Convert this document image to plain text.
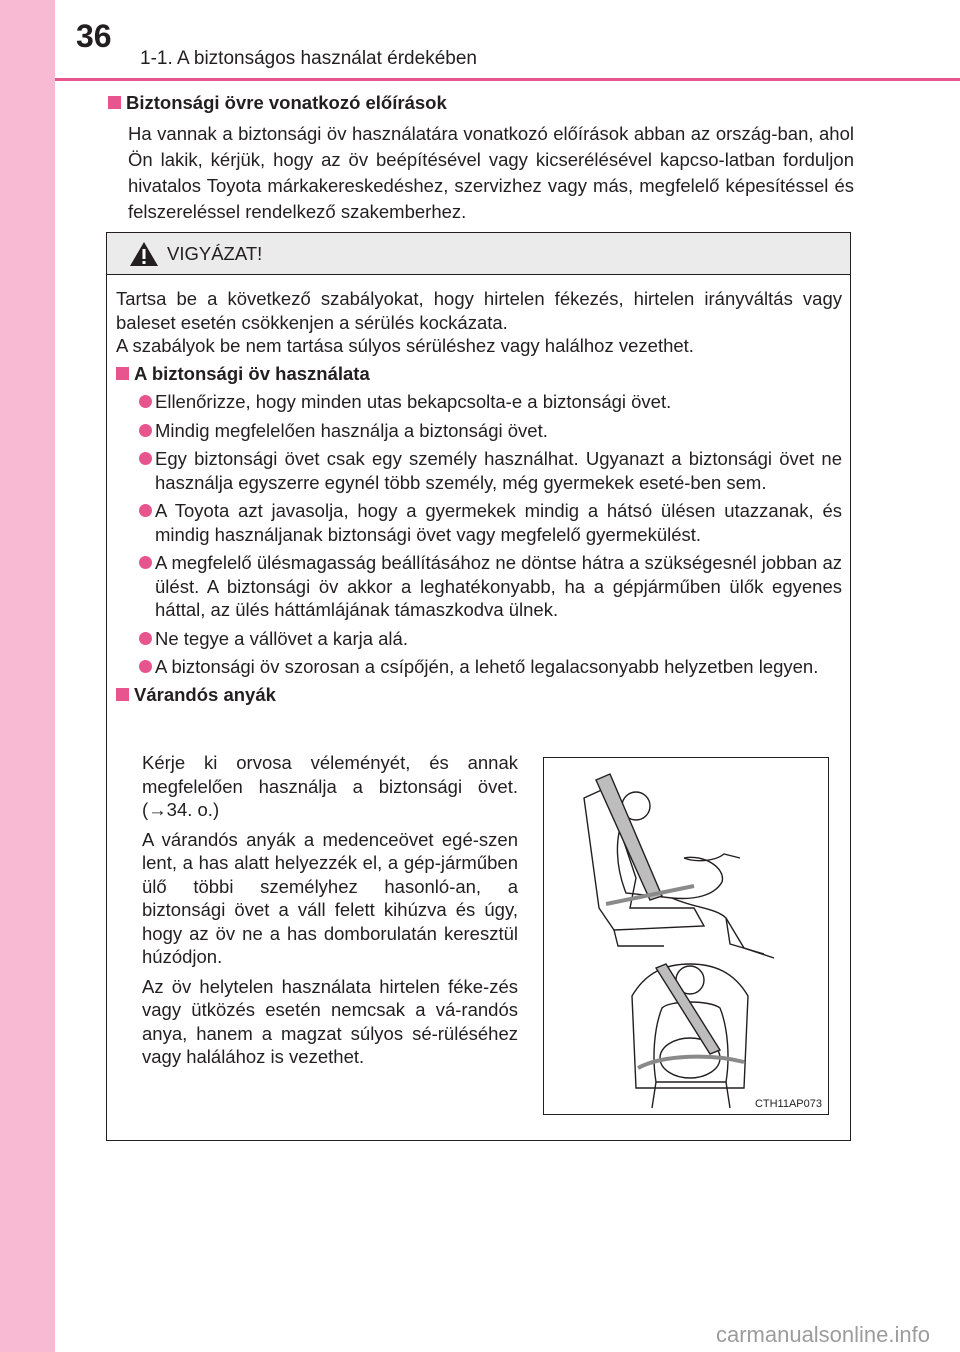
36
1-1. A biztonságos használat érdekében
Biztonsági övre vonatkozó előírások
Ha vannak a biztonsági öv használatára vonatkozó előírások abban az ország-ban, ahol Ön lakik, kérjük, hogy az öv beépítésével vagy kicserélésével kapcso-latban forduljon hivatalos Toyota márkakereskedéshez, szervizhez vagy más, megfelelő képesítéssel és felszereléssel rendelkező szakemberhez.
VIGYÁZAT!

Tartsa be a következő szabályokat, hogy hirtelen fékezés, hirtelen irányváltás vagy baleset esetén csökkenjen a sérülés kockázata.

A szabályok be nem tartása súlyos sérüléshez vagy halálhoz vezethet.

A biztonsági öv használata

Ellenőrizze, hogy minden utas bekapcsolta-e a biztonsági övet.

Mindig megfelelően használja a biztonsági övet.

Egy biztonsági övet csak egy személy használhat. Ugyanazt a biztonsági övet ne használja egyszerre egynél több személy, még gyermekek eseté-ben sem.

A Toyota azt javasolja, hogy a gyermekek mindig a hátsó ülésen utazzanak, és mindig használjanak biztonsági övet vagy megfelelő gyermekülést.

A megfelelő ülésmagasság beállításához ne döntse hátra a szükségesnél jobban az ülést. A biztonsági öv akkor a leghatékonyabb, ha a gépjárműben ülők egyenes háttal, az ülés háttámlájának támaszkodva ülnek.

Ne tegye a vállövet a karja alá.

A biztonsági öv szorosan a csípőjén, a lehető legalacsonyabb helyzetben legyen.

Várandós anyák

Kérje ki orvosa véleményét, és annak megfelelően használja a biztonsági övet. (→34. o.)

A várandós anyák a medenceövet egé-szen lent, a has alatt helyezzék el, a gép-járműben ülő többi személyhez hasonló-an, a biztonsági övet a váll felett kihúzva és úgy, hogy az öv ne a has domborulatán keresztül húzódjon.

Az öv helytelen használata hirtelen féke-zés vagy ütközés esetén nemcsak a vá-randós anya, hanem a magzat súlyos sé-rüléséhez vagy halálához is vezethet.

CTH11AP073
carmanualsonline.info
